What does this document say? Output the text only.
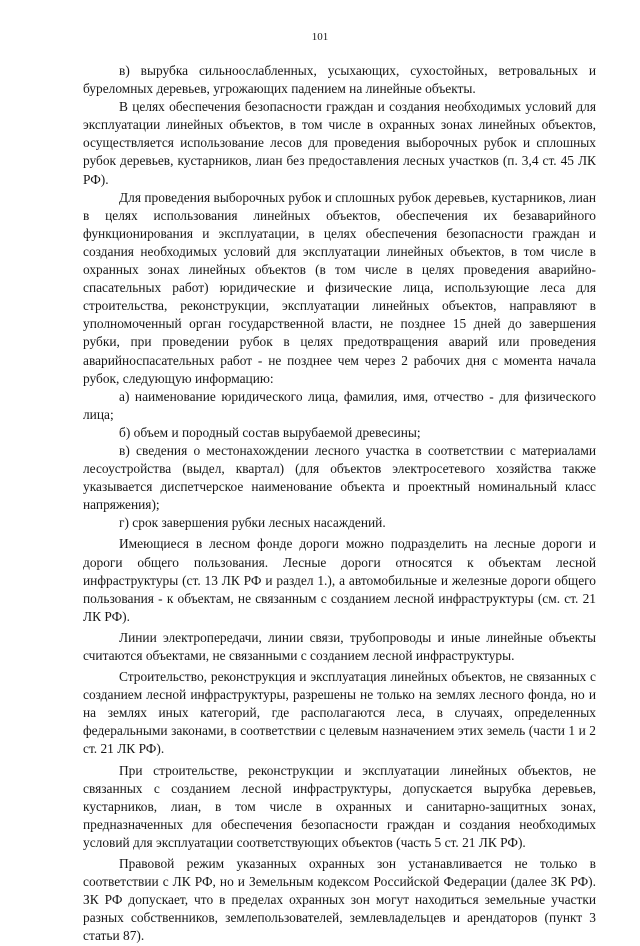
101

в) вырубка сильноослабленных, усыхающих, сухостойных, ветровальных и буреломных деревьев, угрожающих падением на линейные объекты.

В целях обеспечения безопасности граждан и создания необходимых условий для эксплуатации линейных объектов, в том числе в охранных зонах линейных объектов, осуществляется использование лесов для проведения выборочных рубок и сплошных рубок деревьев, кустарников, лиан без предоставления лесных участков (п. 3,4 ст. 45 ЛК РФ).

Для проведения выборочных рубок и сплошных рубок деревьев, кустарников, лиан в целях использования линейных объектов, обеспечения их безаварийного функционирования и эксплуатации, в целях обеспечения безопасности граждан и создания необходимых условий для эксплуатации линейных объектов, в том числе в охранных зонах линейных объектов (в том числе в целях проведения аварийно-спасательных работ) юридические и физические лица, использующие леса для строительства, реконструкции, эксплуатации линейных объектов, направляют в уполномоченный орган государственной власти, не позднее 15 дней до завершения рубки, при проведении рубок в целях предотвращения аварий или проведения аварийноспасательных работ - не позднее чем через 2 рабочих дня с момента начала рубок, следующую информацию:

а) наименование юридического лица, фамилия, имя, отчество - для физического лица;

б) объем и породный состав вырубаемой древесины;

в) сведения о местонахождении лесного участка в соответствии с материалами лесоустройства (выдел, квартал) (для объектов электросетевого хозяйства также указывается диспетчерское наименование объекта и проектный номинальный класс напряжения);

г) срок завершения рубки лесных насаждений.

Имеющиеся в лесном фонде дороги можно подразделить на лесные дороги и дороги общего пользования. Лесные дороги относятся к объектам лесной инфраструктуры (ст. 13 ЛК РФ и раздел 1.), а автомобильные и железные дороги общего пользования - к объектам, не связанным с созданием лесной инфраструктуры (см. ст. 21 ЛК РФ).

Линии электропередачи, линии связи, трубопроводы и иные линейные объекты считаются объектами, не связанными с созданием лесной инфраструктуры.

Строительство, реконструкция и эксплуатация линейных объектов, не связанных с созданием лесной инфраструктуры, разрешены не только на землях лесного фонда, но и на землях иных категорий, где располагаются леса, в случаях, определенных федеральными законами, в соответствии с целевым назначением этих земель (части 1 и 2 ст. 21 ЛК РФ).

При строительстве, реконструкции и эксплуатации линейных объектов, не связанных с созданием лесной инфраструктуры, допускается вырубка деревьев, кустарников, лиан, в том числе в охранных и санитарно-защитных зонах, предназначенных для обеспечения безопасности граждан и создания необходимых условий для эксплуатации соответствующих объектов (часть 5 ст. 21 ЛК РФ).

Правовой режим указанных охранных зон устанавливается не только в соответствии с ЛК РФ, но и Земельным кодексом Российской Федерации (далее ЗК РФ). ЗК РФ допускает, что в пределах охранных зон могут находиться земельные участки разных собственников, землепользователей, землевладельцев и арендаторов (пункт 3 статьи 87).
